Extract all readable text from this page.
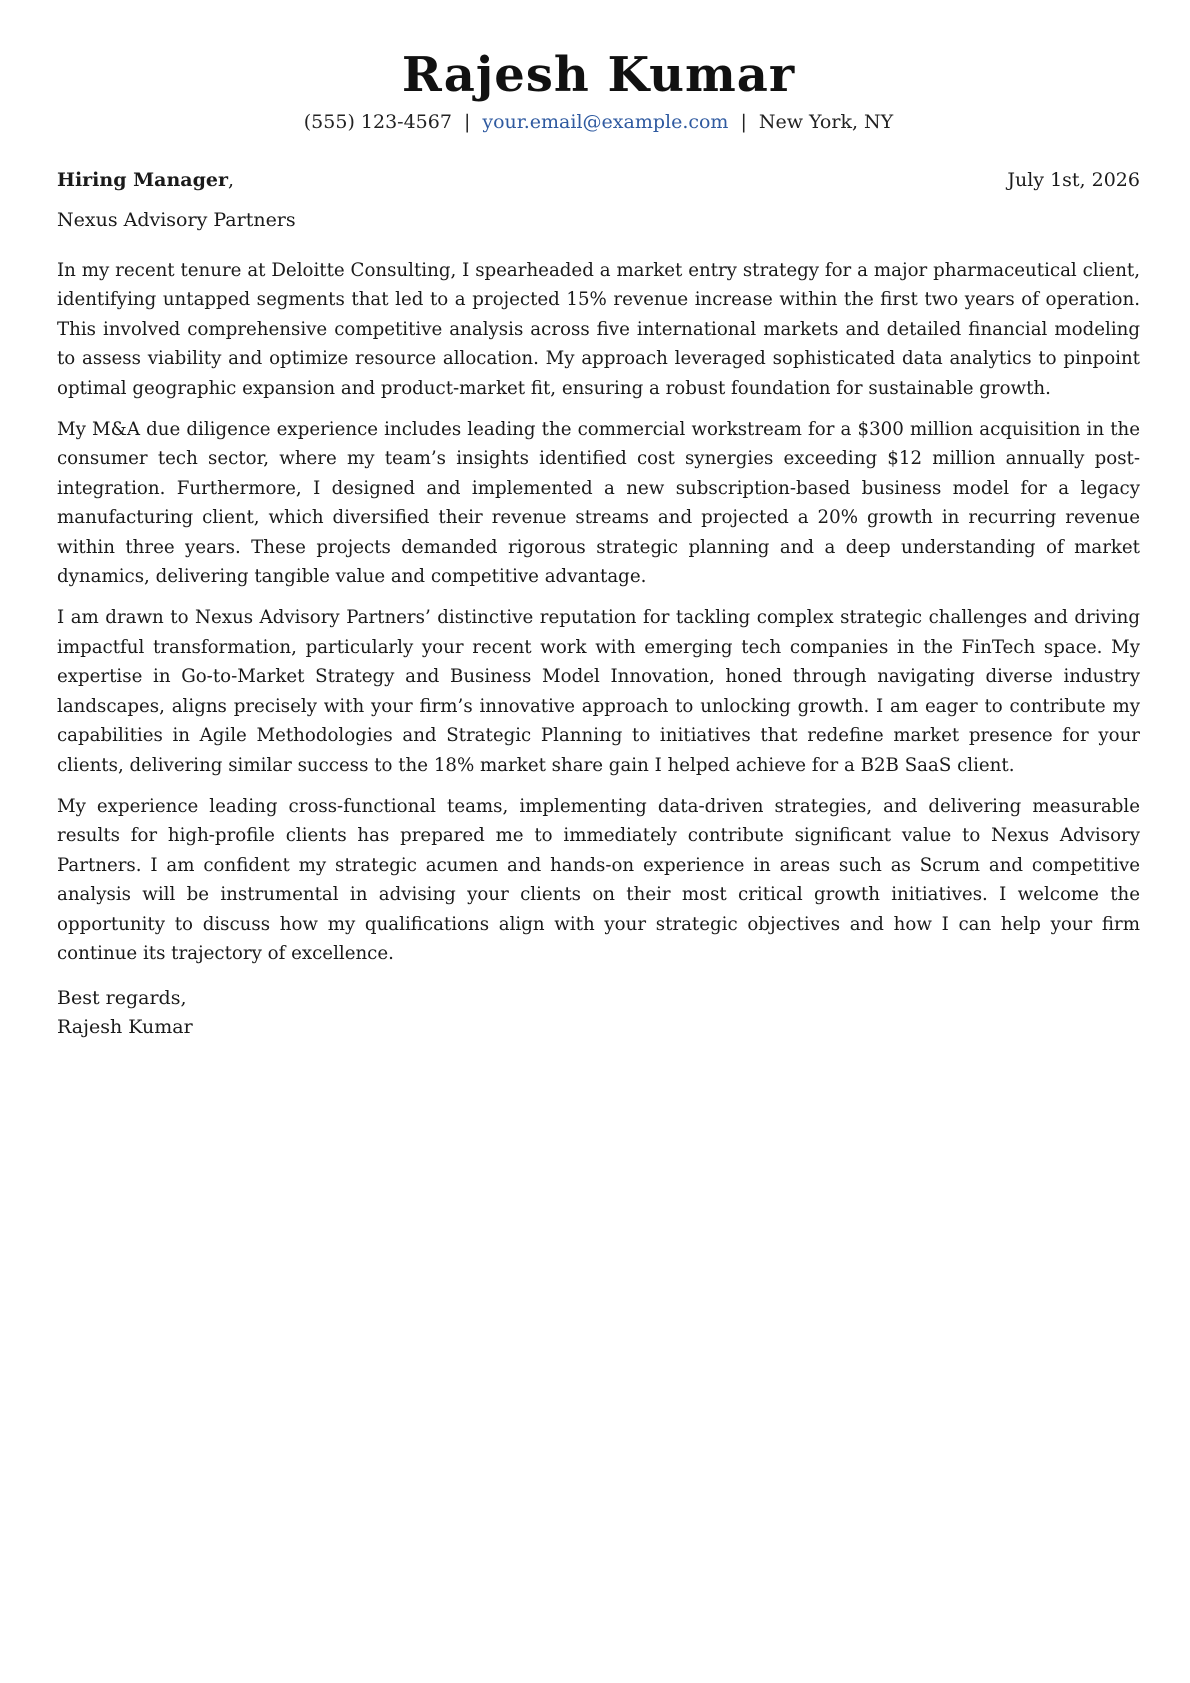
Rajesh Kumar
(555) 123-4567 | your.email@example.com | New York, NY
Hiring Manager,	July 1st, 2026
Nexus Advisory Partners

In my recent tenure at Deloitte Consulting, I spearheaded a market entry strategy for a major pharmaceutical client, identifying untapped segments that led to a projected 15% revenue increase within the first two years of operation. This involved comprehensive competitive analysis across five international markets and detailed financial modeling to assess viability and optimize resource allocation. My approach leveraged sophisticated data analytics to pinpoint optimal geographic expansion and product-market fit, ensuring a robust foundation for sustainable growth.

My M&A due diligence experience includes leading the commercial workstream for a $300 million acquisition in the consumer tech sector, where my team’s insights identified cost synergies exceeding $12 million annually post-integration. Furthermore, I designed and implemented a new subscription-based business model for a legacy manufacturing client, which diversified their revenue streams and projected a 20% growth in recurring revenue within three years. These projects demanded rigorous strategic planning and a deep understanding of market dynamics, delivering tangible value and competitive advantage.

I am drawn to Nexus Advisory Partners’ distinctive reputation for tackling complex strategic challenges and driving impactful transformation, particularly your recent work with emerging tech companies in the FinTech space. My expertise in Go-to-Market Strategy and Business Model Innovation, honed through navigating diverse industry landscapes, aligns precisely with your firm’s innovative approach to unlocking growth. I am eager to contribute my capabilities in Agile Methodologies and Strategic Planning to initiatives that redefine market presence for your clients, delivering similar success to the 18% market share gain I helped achieve for a B2B SaaS client.

My experience leading cross-functional teams, implementing data-driven strategies, and delivering measurable results for high-profile clients has prepared me to immediately contribute significant value to Nexus Advisory Partners. I am confident my strategic acumen and hands-on experience in areas such as Scrum and competitive analysis will be instrumental in advising your clients on their most critical growth initiatives. I welcome the opportunity to discuss how my qualifications align with your strategic objectives and how I can help your firm continue its trajectory of excellence.

Best regards,
Rajesh Kumar
